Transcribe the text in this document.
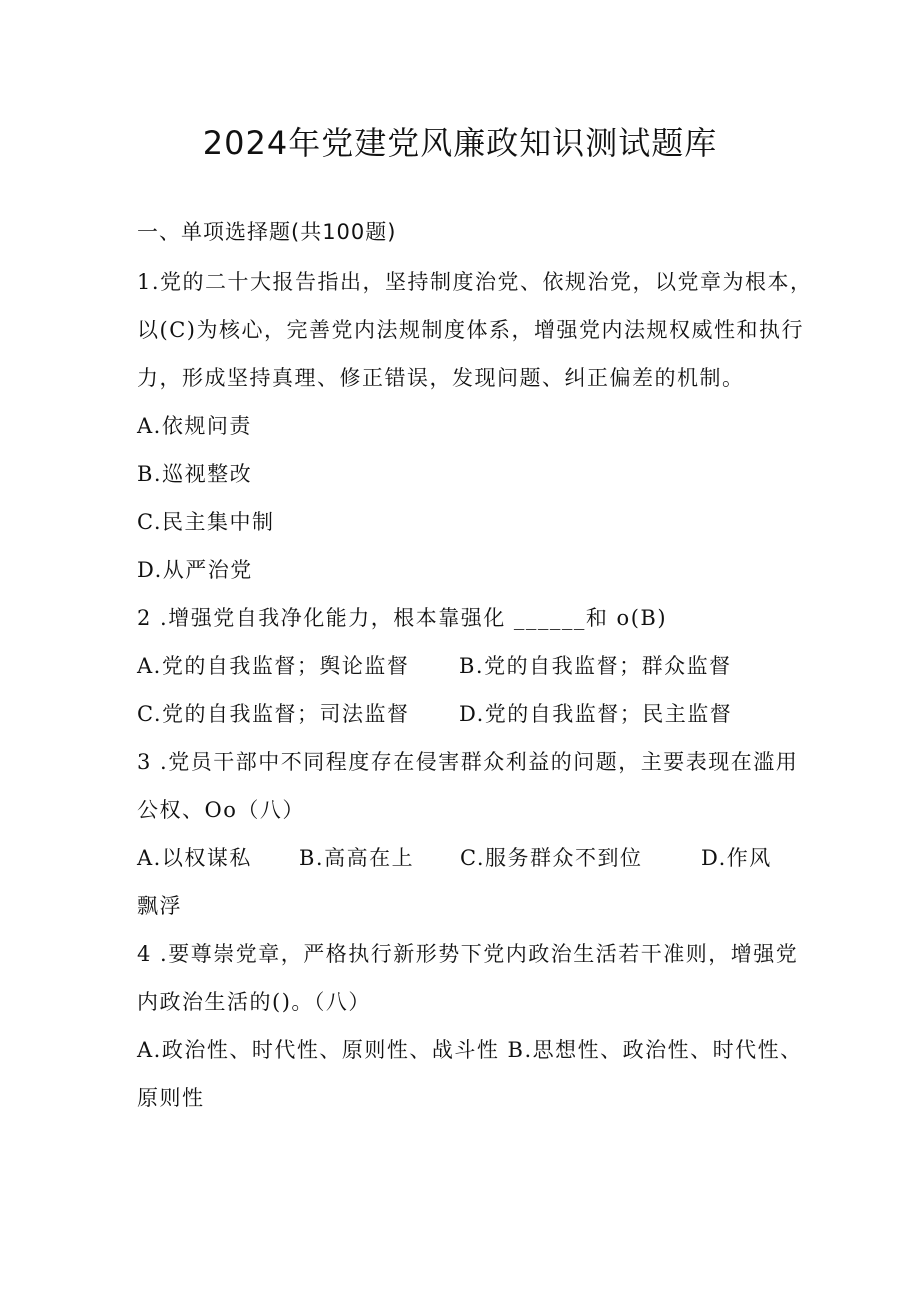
2024年党建党风廉政知识测试题库
一、单项选择题(共100题)
1.党的二十大报告指出，坚持制度治党、依规治党，以党章为根本，
以(C)为核心，完善党内法规制度体系，增强党内法规权威性和执行
力，形成坚持真理、修正错误，发现问题、纠正偏差的机制。
A.依规问责
B.巡视整改
C.民主集中制
D.从严治党
2 .增强党自我净化能力，根本靠强化 ______和 o(B)

A.党的自我监督；舆论监督

B.党的自我监督；群众监督

C.党的自我监督；司法监督

D.党的自我监督；民主监督

3 .党员干部中不同程度存在侵害群众利益的问题，主要表现在滥用
公权、Oo（八）

A.以权谋私

B.高高在上

C.服务群众不到位

	D.作风

飘浮
4 .要尊崇党章，严格执行新形势下党内政治生活若干准则，增强党
内政治生活的()。（八）
A.政治性、时代性、原则性、战斗性 B.思想性、政治性、时代性、
原则性
